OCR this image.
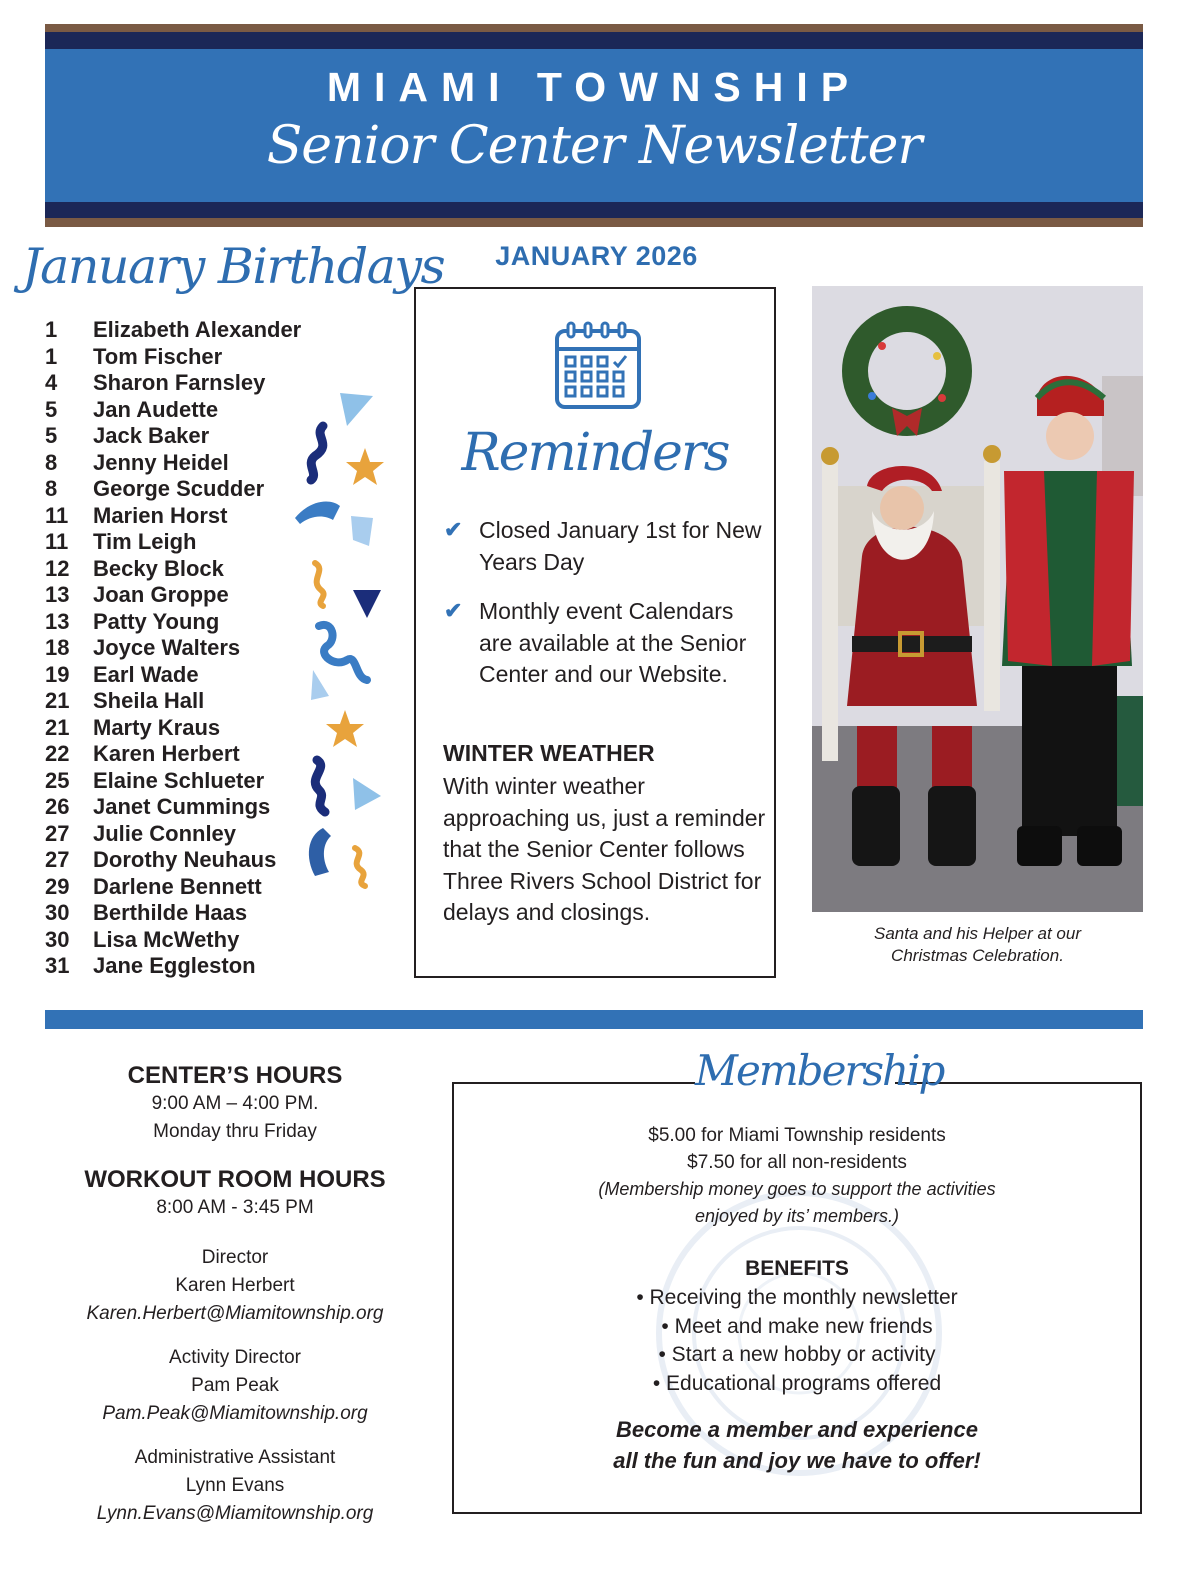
MIAMI TOWNSHIP
Senior Center Newsletter
January Birthdays
1 Elizabeth Alexander
1 Tom Fischer
4 Sharon Farnsley
5 Jan Audette
5 Jack Baker
8 Jenny Heidel
8 George Scudder
11 Marien Horst
11 Tim Leigh
12 Becky Block
13 Joan Groppe
13 Patty Young
18 Joyce Walters
19 Earl Wade
21 Sheila Hall
21 Marty Kraus
22 Karen Herbert
25 Elaine Schlueter
26 Janet Cummings
27 Julie Connley
27 Dorothy Neuhaus
29 Darlene Bennett
30 Berthilde Haas
30 Lisa McWethy
31 Jane Eggleston
JANUARY 2026
Reminders
✔ Closed January 1st for New Years Day
✔ Monthly event Calendars are available at the Senior Center and our Website.
WINTER WEATHER
With winter weather approaching us, just a reminder that the Senior Center follows Three Rivers School District for delays and closings.
Santa and his Helper at our
Christmas Celebration.
CENTER’S HOURS
9:00 AM – 4:00 PM.
Monday thru Friday
WORKOUT ROOM HOURS
8:00 AM - 3:45 PM
Director
Karen Herbert
Karen.Herbert@Miamitownship.org
Activity Director
Pam Peak
Pam.Peak@Miamitownship.org
Administrative Assistant
Lynn Evans
Lynn.Evans@Miamitownship.org
Membership
$5.00 for Miami Township residents
$7.50 for all non-residents
(Membership money goes to support the activities
enjoyed by its’ members.)
BENEFITS
• Receiving the monthly newsletter
• Meet and make new friends
• Start a new hobby or activity
• Educational programs offered
Become a member and experience
all the fun and joy we have to offer!
